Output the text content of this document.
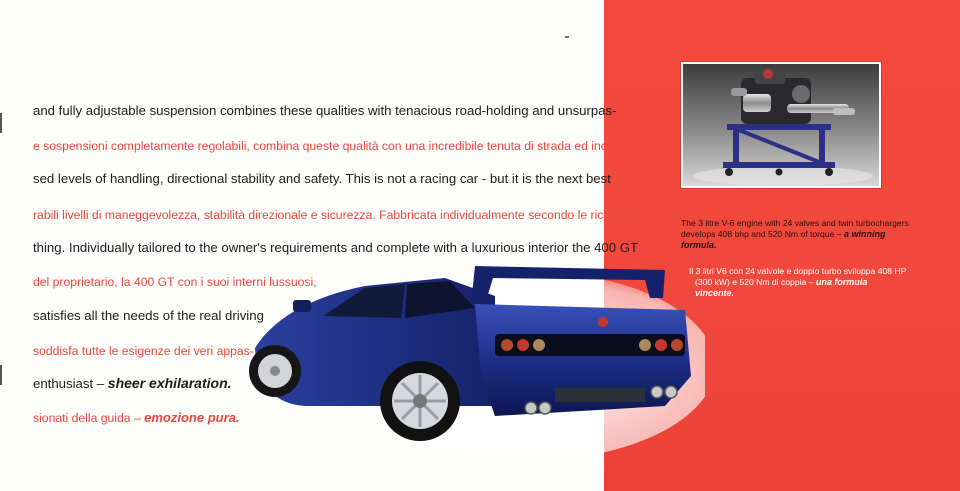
and fully adjustable suspension combines these qualities with tenacious road-holding and unsurpas-
e sospensioni completamente regolabili, combina queste qualità con una incredibile tenuta di strada ed incompa-
sed levels of handling, directional stability and safety. This is not a racing car - but it is the next best
rabili livelli di maneggevolezza, stabilità direzionale e sicurezza. Fabbricata individualmente secondo le richieste
thing. Individually tailored to the owner's requirements and complete with a luxurious interior the 400 GT
del proprietario, la 400 GT con i suoi interni lussuosi,
satisfies all the needs of the real driving
soddisfa tutte le esigenze dei veri appas-
enthusiast – sheer exhilaration.
sionati della guida – emozione pura.
The 3 litre V-6 engine with 24 valves and twin turbochargers
develops 408 bhp and 520 Nm of torque – a winning
formula.
Il 3 litri V6 con 24 valvole e doppio turbo sviluppa 408 HP
(300 kW) e 520 Nm di coppia – una formula
vincente.
